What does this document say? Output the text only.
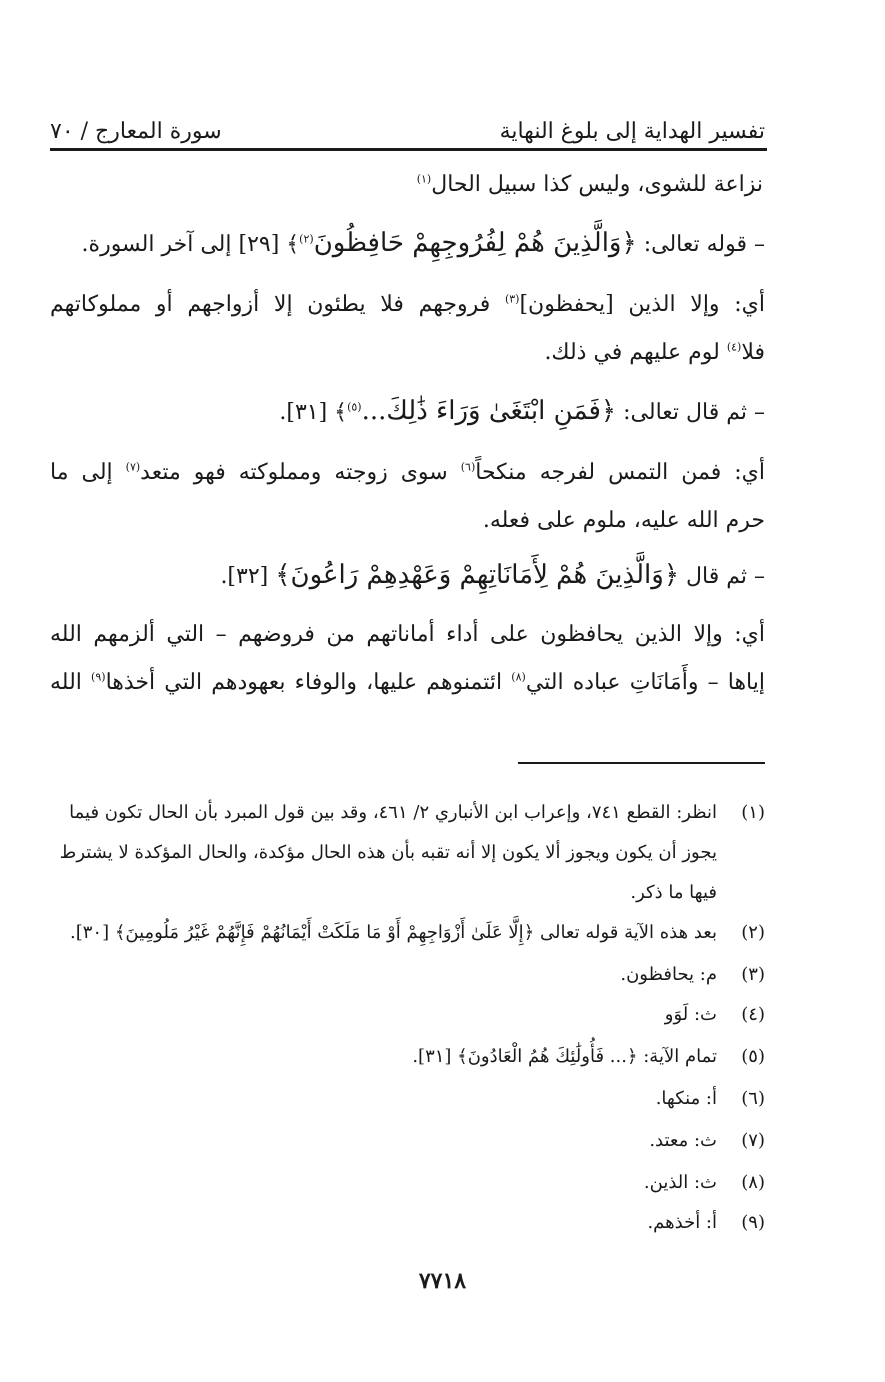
تفسير الهداية إلى بلوغ النهاية
سورة المعارج / ٧٠
نزاعة للشوى، وليس كذا سبيل الحال$^{(١)}$
– قوله تعالى: ﴿وَالَّذِينَ هُمْ لِفُرُوجِهِمْ حَافِظُونَ$^{(٢)}$﴾ [٢٩] إلى آخر السورة.
أي: وإلا الذين [يحفظون]$^{(٣)}$ فروجهم فلا يطئون إلا أزواجهم أو مملوكاتهم
فلا$^{(٤)}$ لوم عليهم في ذلك.
– ثم قال تعالى: ﴿فَمَنِ ابْتَغَىٰ وَرَاءَ ذَٰلِكَ...$^{(٥)}$﴾ [٣١].
أي: فمن التمس لفرجه منكحاً$^{(٦)}$ سوى زوجته ومملوكته فهو متعد$^{(٧)}$ إلى ما
حرم الله عليه، ملوم على فعله.
– ثم قال ﴿وَالَّذِينَ هُمْ لِأَمَانَاتِهِمْ وَعَهْدِهِمْ رَاعُونَ﴾ [٣٢].
أي: وإلا الذين يحافظون على أداء أماناتهم من فروضهم – التي ألزمهم الله
إياها – وأَمَانَاتِ عباده التي$^{(٨)}$ ائتمنوهم عليها، والوفاء بعهودهم التي أخذها$^{(٩)}$ الله
(١)انظر: القطع ٧٤١، وإعراب ابن الأنباري ٢/ ٤٦١، وقد بين قول المبرد بأن الحال تكون فيما
يجوز أن يكون ويجوز ألا يكون إلا أنه تقبه بأن هذه الحال مؤكدة، والحال المؤكدة لا يشترط
فيها ما ذكر.
(٢)بعد هذه الآية قوله تعالى ﴿إِلَّا عَلَىٰ أَزْوَاجِهِمْ أَوْ مَا مَلَكَتْ أَيْمَانُهُمْ فَإِنَّهُمْ غَيْرُ مَلُومِينَ﴾ [٣٠].
(٣)م: يحافظون.
(٤)ث: لَوَو
(٥)تمام الآية: ﴿... فَأُولَٰئِكَ هُمُ الْعَادُونَ﴾ [٣١].
(٦)أ: منكها.
(٧)ث: معتد.
(٨)ث: الذين.
(٩)أ: أخذهم.
٧٧١٨
